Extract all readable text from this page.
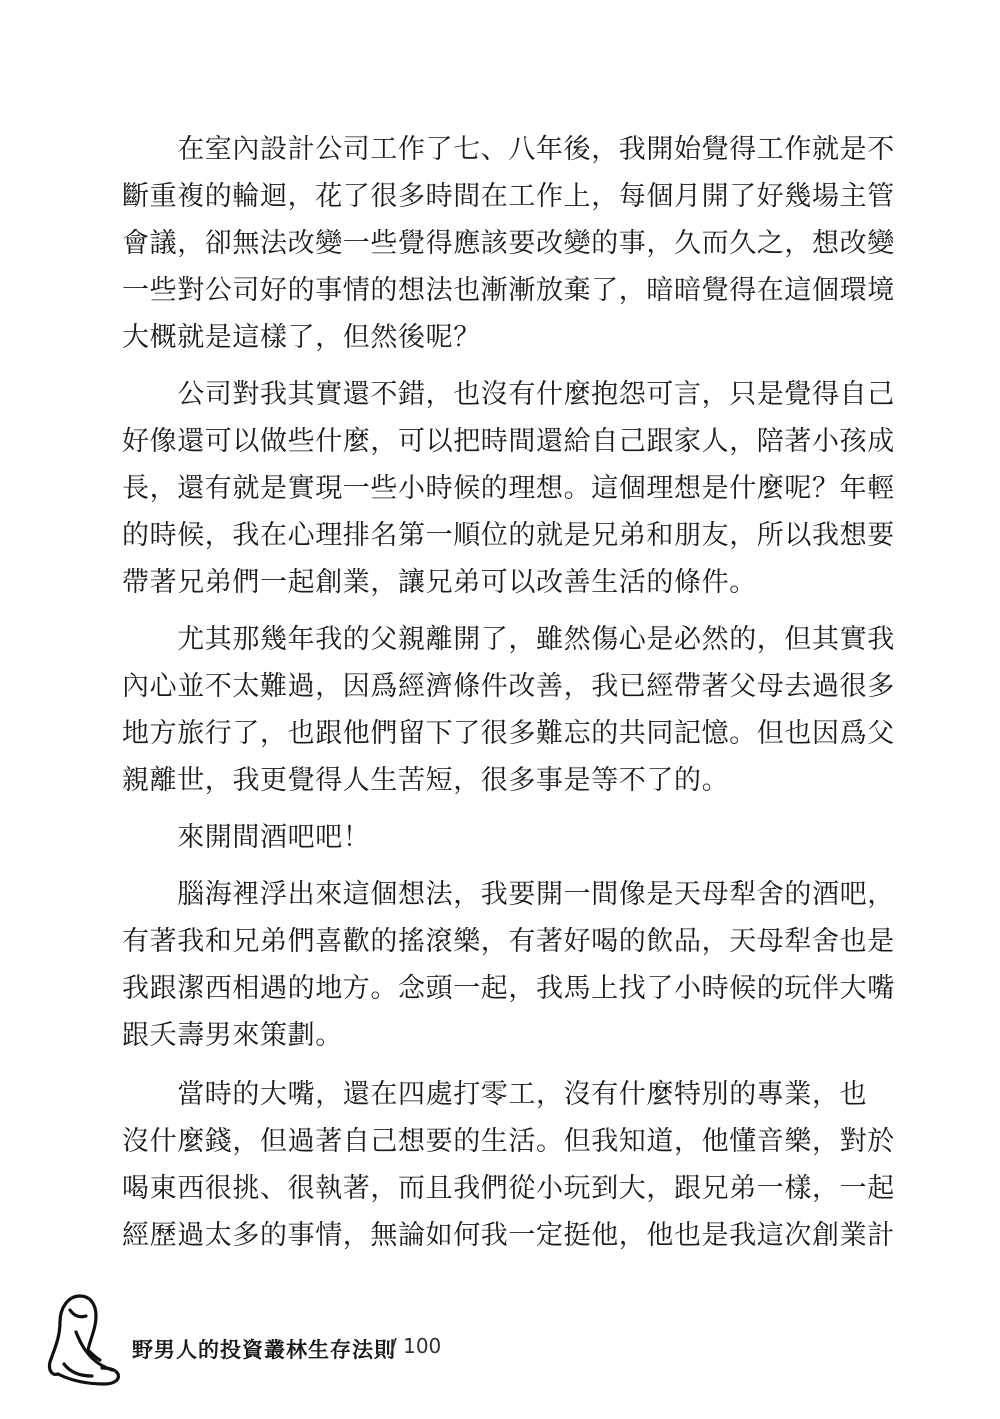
　　在室內設計公司工作了七、八年後，我開始覺得工作就是不
斷重複的輪迴，花了很多時間在工作上，每個月開了好幾場主管
會議，卻無法改變一些覺得應該要改變的事，久而久之，想改變
一些對公司好的事情的想法也漸漸放棄了，暗暗覺得在這個環境
大概就是這樣了，但然後呢？
　　公司對我其實還不錯，也沒有什麼抱怨可言，只是覺得自己
好像還可以做些什麼，可以把時間還給自己跟家人，陪著小孩成
長，還有就是實現一些小時候的理想。這個理想是什麼呢？年輕
的時候，我在心理排名第一順位的就是兄弟和朋友，所以我想要
帶著兄弟們一起創業，讓兄弟可以改善生活的條件。
　　尤其那幾年我的父親離開了，雖然傷心是必然的，但其實我
內心並不太難過，因爲經濟條件改善，我已經帶著父母去過很多
地方旅行了，也跟他們留下了很多難忘的共同記憶。但也因爲父
親離世，我更覺得人生苦短，很多事是等不了的。
　　來開間酒吧吧！
　　腦海裡浮出來這個想法，我要開一間像是天母犁舍的酒吧，
有著我和兄弟們喜歡的搖滾樂，有著好喝的飲品，天母犁舍也是
我跟潔西相遇的地方。念頭一起，我馬上找了小時候的玩伴大嘴
跟夭壽男來策劃。
　　當時的大嘴，還在四處打零工，沒有什麼特別的專業，也
沒什麼錢，但過著自己想要的生活。但我知道，他懂音樂，對於
喝東西很挑、很執著，而且我們從小玩到大，跟兄弟一樣，一起
經歷過太多的事情，無論如何我一定挺他，他也是我這次創業計
野男人的投資叢林生存法則
/ 100
